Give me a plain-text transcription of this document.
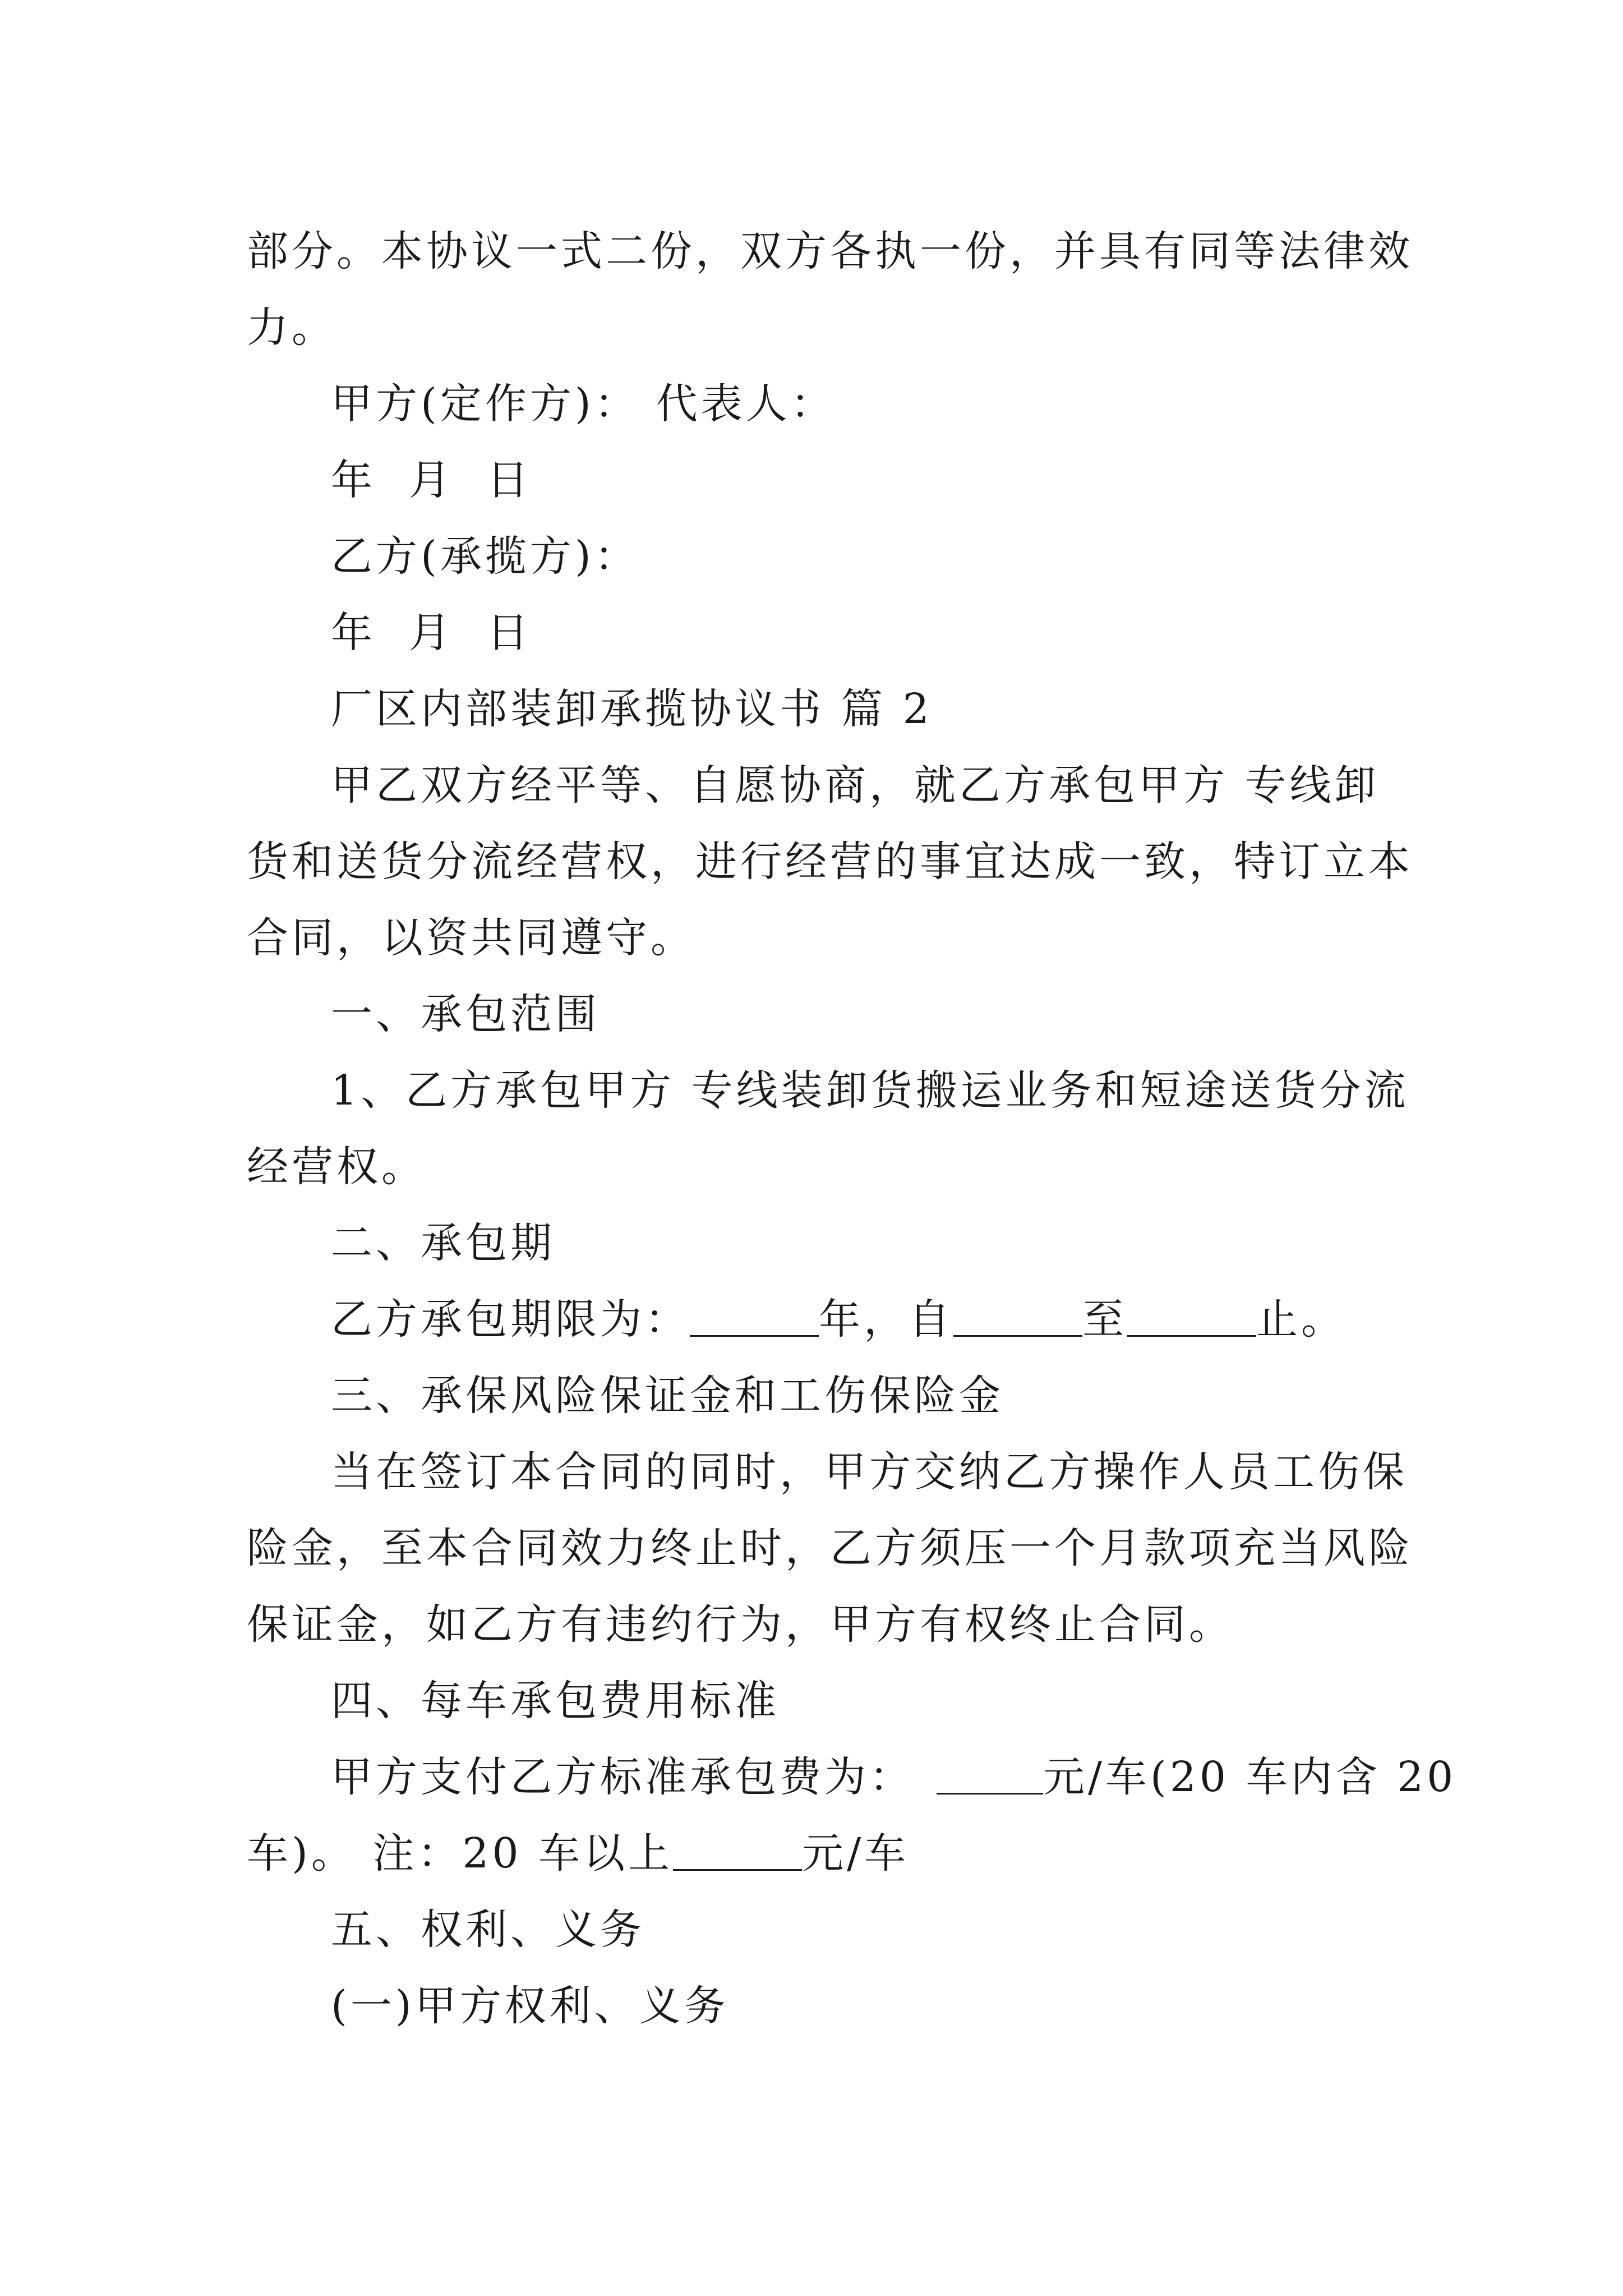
部分。本协议一式二份，双方各执一份，并具有同等法律效

力。

甲方(定作方)： 代表人：

年  月  日

乙方(承揽方)：

年  月  日

厂区内部装卸承揽协议书 篇 2

甲乙双方经平等、自愿协商，就乙方承包甲方 专线卸

货和送货分流经营权，进行经营的事宜达成一致，特订立本

合同，以资共同遵守。

一、承包范围

1、乙方承包甲方 专线装卸货搬运业务和短途送货分流

经营权。

二、承包期

乙方承包期限为：	年，自	至	止。

三、承保风险保证金和工伤保险金

当在签订本合同的同时，甲方交纳乙方操作人员工伤保

险金，至本合同效力终止时，乙方须压一个月款项充当风险

保证金，如乙方有违约行为，甲方有权终止合同。

四、每车承包费用标准

甲方支付乙方标准承包费为：	元/车(20 车内含 20

车)。 注：20 车以上	元/车

五、权利、义务

(一)甲方权利、义务
